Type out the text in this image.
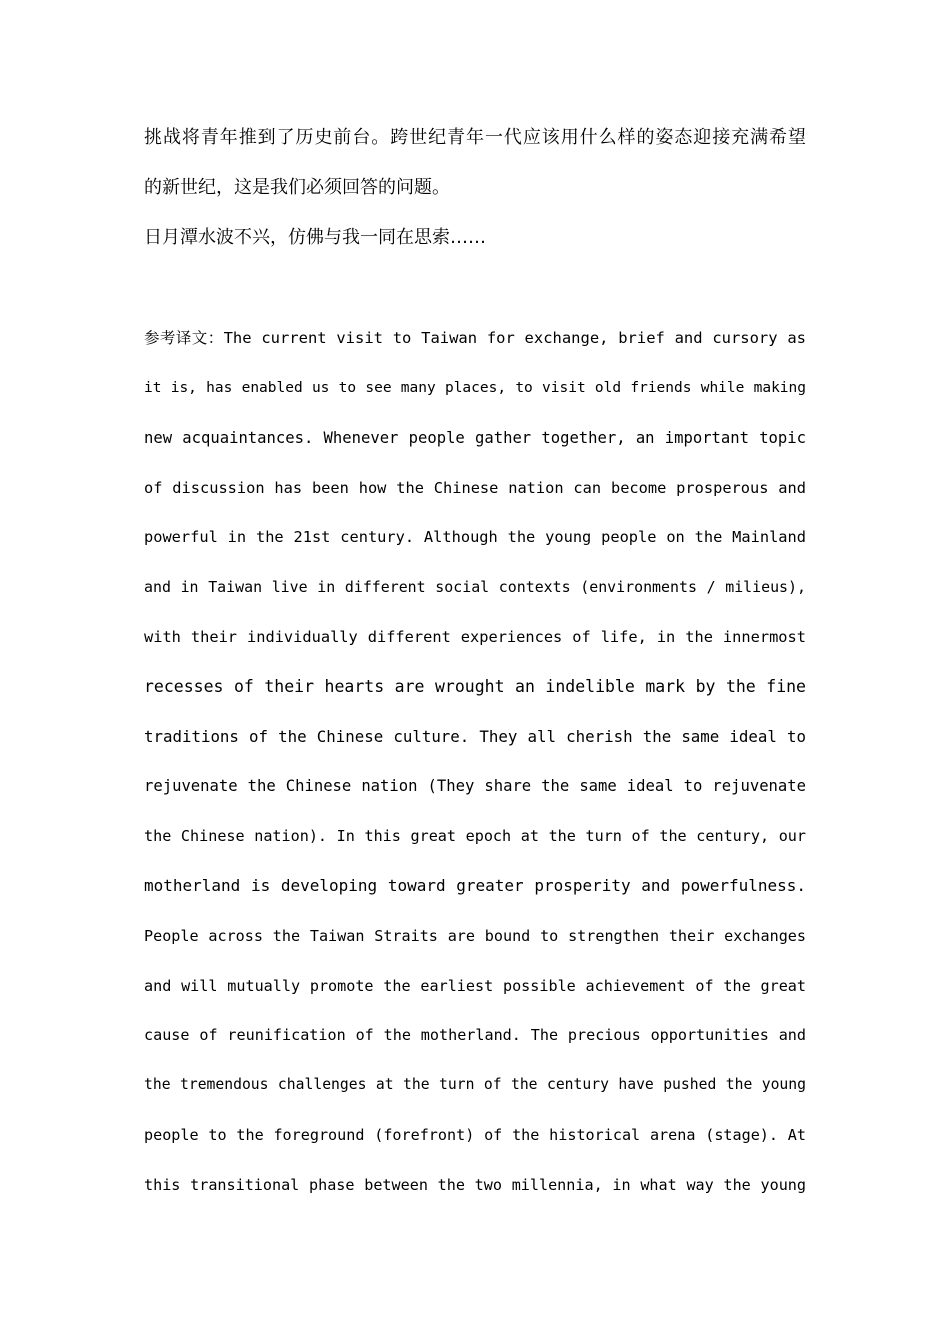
挑战将青年推到了历史前台。跨世纪青年一代应该用什么样的姿态迎接充满希望
的新世纪，这是我们必须回答的问题。
日月潭水波不兴，仿佛与我一同在思索……
参考译文：The current visit to Taiwan for exchange, brief and cursory as
it is, has enabled us to see many places, to visit old friends while making
new acquaintances. Whenever people gather together, an important topic
of discussion has been how the Chinese nation can become prosperous and
powerful in the 21st century. Although the young people on the Mainland
and in Taiwan live in different social contexts (environments / milieus),
with their individually different experiences of life, in the innermost
recesses of their hearts are wrought an indelible mark by the fine
traditions of the Chinese culture. They all cherish the same ideal to
rejuvenate the Chinese nation (They share the same ideal to rejuvenate
the Chinese nation). In this great epoch at the turn of the century, our
motherland is developing toward greater prosperity and powerfulness.
People across the Taiwan Straits are bound to strengthen their exchanges
and will mutually promote the earliest possible achievement of the great
cause of reunification of the motherland. The precious opportunities and
the tremendous challenges at the turn of the century have pushed the young
people to the foreground (forefront) of the historical arena (stage). At
this transitional phase between the two millennia, in what way the young
